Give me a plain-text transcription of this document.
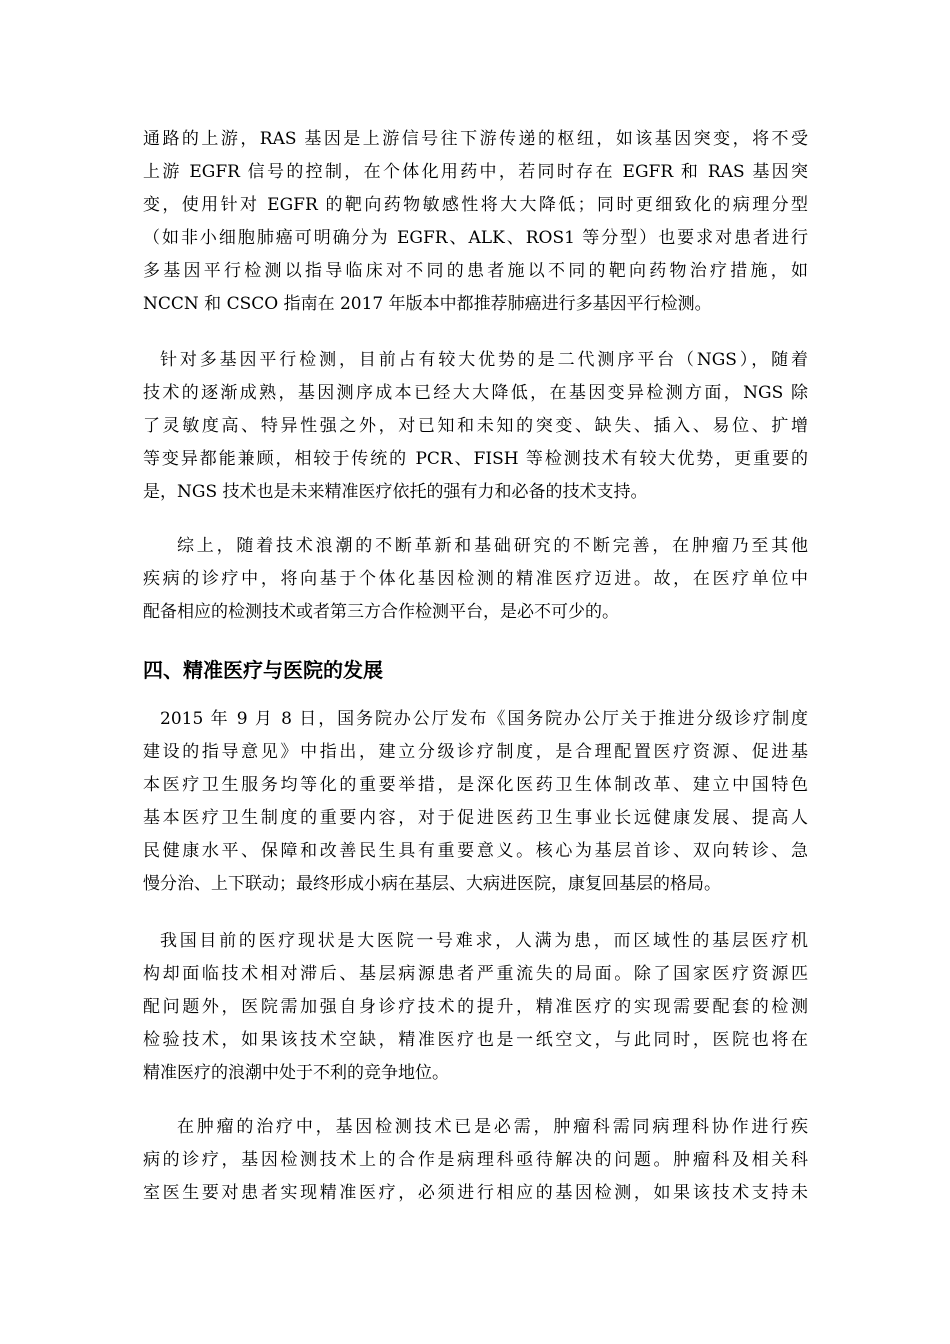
通路的上游，RAS 基因是上游信号往下游传递的枢纽，如该基因突变，将不受
上游 EGFR 信号的控制，在个体化用药中，若同时存在 EGFR 和 RAS 基因突
变，使用针对 EGFR 的靶向药物敏感性将大大降低；同时更细致化的病理分型
（如非小细胞肺癌可明确分为 EGFR、ALK、ROS1 等分型）也要求对患者进行
多基因平行检测以指导临床对不同的患者施以不同的靶向药物治疗措施，如
NCCN 和 CSCO 指南在 2017 年版本中都推荐肺癌进行多基因平行检测。
针对多基因平行检测，目前占有较大优势的是二代测序平台（NGS），随着
技术的逐渐成熟，基因测序成本已经大大降低，在基因变异检测方面，NGS 除
了灵敏度高、特异性强之外，对已知和未知的突变、缺失、插入、易位、扩增
等变异都能兼顾，相较于传统的 PCR、FISH 等检测技术有较大优势，更重要的
是，NGS 技术也是未来精准医疗依托的强有力和必备的技术支持。
综上，随着技术浪潮的不断革新和基础研究的不断完善，在肿瘤乃至其他
疾病的诊疗中，将向基于个体化基因检测的精准医疗迈进。故，在医疗单位中
配备相应的检测技术或者第三方合作检测平台，是必不可少的。
四、精准医疗与医院的发展
2015 年 9 月 8 日，国务院办公厅发布《国务院办公厅关于推进分级诊疗制度
建设的指导意见》中指出，建立分级诊疗制度，是合理配置医疗资源、促进基
本医疗卫生服务均等化的重要举措，是深化医药卫生体制改革、建立中国特色
基本医疗卫生制度的重要内容，对于促进医药卫生事业长远健康发展、提高人
民健康水平、保障和改善民生具有重要意义。核心为基层首诊、双向转诊、急
慢分治、上下联动；最终形成小病在基层、大病进医院，康复回基层的格局。
我国目前的医疗现状是大医院一号难求，人满为患，而区域性的基层医疗机
构却面临技术相对滞后、基层病源患者严重流失的局面。除了国家医疗资源匹
配问题外，医院需加强自身诊疗技术的提升，精准医疗的实现需要配套的检测
检验技术，如果该技术空缺，精准医疗也是一纸空文，与此同时，医院也将在
精准医疗的浪潮中处于不利的竞争地位。
在肿瘤的治疗中，基因检测技术已是必需，肿瘤科需同病理科协作进行疾
病的诊疗，基因检测技术上的合作是病理科亟待解决的问题。肿瘤科及相关科
室医生要对患者实现精准医疗，必须进行相应的基因检测，如果该技术支持未
